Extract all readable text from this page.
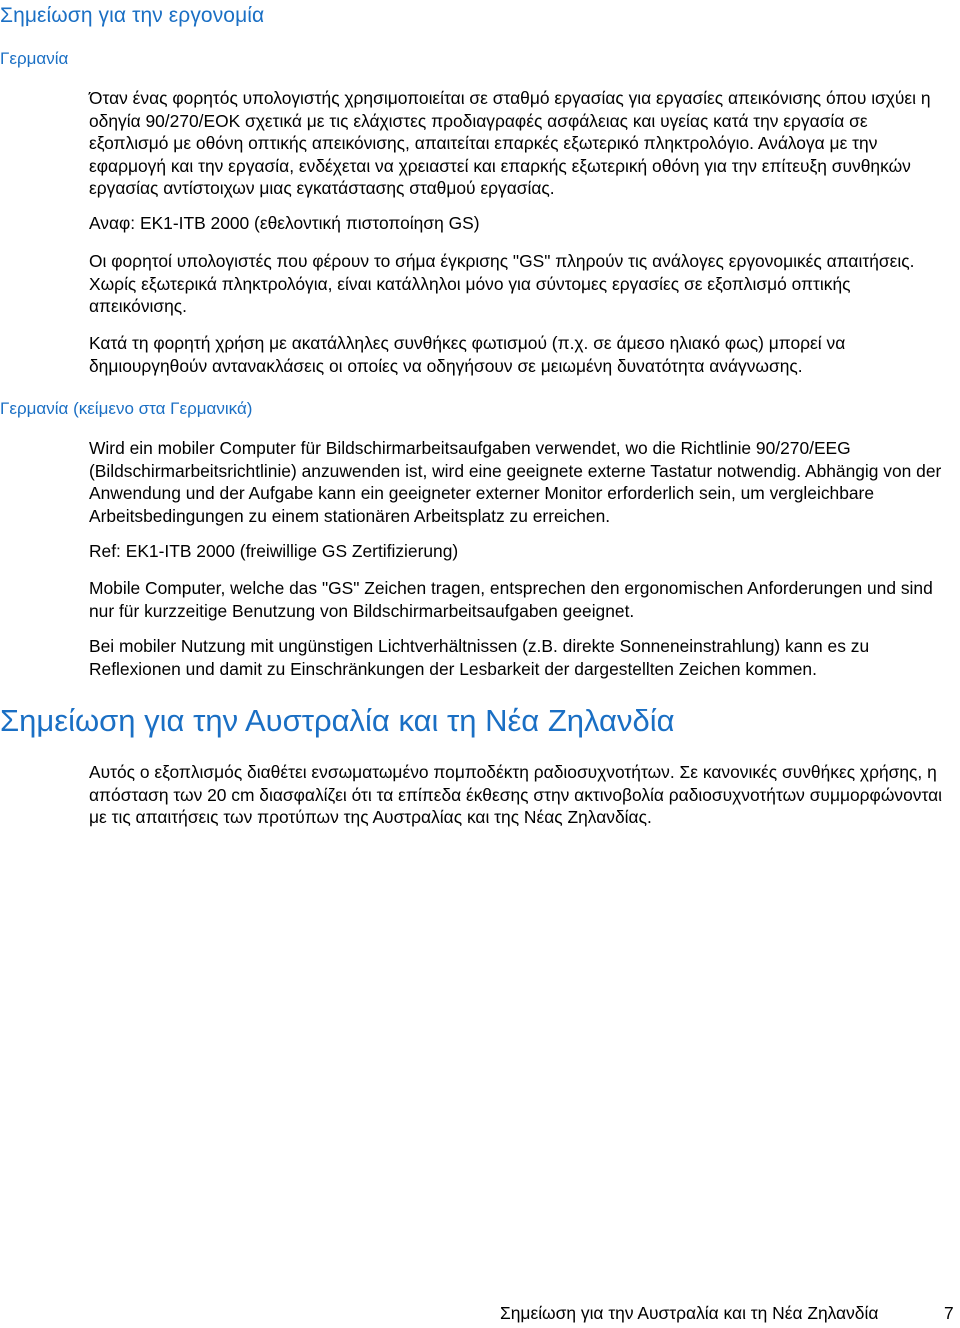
Σημείωση για την εργονομία
Γερμανία

Όταν ένας φορητός υπολογιστής χρησιμοποιείται σε σταθμό εργασίας για εργασίες απεικόνισης όπου ισχύει η οδηγία 90/270/ΕΟΚ σχετικά με τις ελάχιστες προδιαγραφές ασφάλειας και υγείας κατά την εργασία σε εξοπλισμό με οθόνη οπτικής απεικόνισης, απαιτείται επαρκές εξωτερικό πληκτρολόγιο. Ανάλογα με την εφαρμογή και την εργασία, ενδέχεται να χρειαστεί και επαρκής εξωτερική οθόνη για την επίτευξη συνθηκών εργασίας αντίστοιχων μιας εγκατάστασης σταθμού εργασίας.

Αναφ: EK1-ITB 2000 (εθελοντική πιστοποίηση GS)

Οι φορητοί υπολογιστές που φέρουν το σήμα έγκρισης "GS" πληρούν τις ανάλογες εργονομικές απαιτήσεις. Χωρίς εξωτερικά πληκτρολόγια, είναι κατάλληλοι μόνο για σύντομες εργασίες σε εξοπλισμό οπτικής απεικόνισης.

Κατά τη φορητή χρήση με ακατάλληλες συνθήκες φωτισμού (π.χ. σε άμεσο ηλιακό φως) μπορεί να δημιουργηθούν αντανακλάσεις οι οποίες να οδηγήσουν σε μειωμένη δυνατότητα ανάγνωσης.

Γερμανία (κείμενο στα Γερμανικά)

Wird ein mobiler Computer für Bildschirmarbeitsaufgaben verwendet, wo die Richtlinie 90/270/EEG (Bildschirmarbeitsrichtlinie) anzuwenden ist, wird eine geeignete externe Tastatur notwendig. Abhängig von der Anwendung und der Aufgabe kann ein geeigneter externer Monitor erforderlich sein, um vergleichbare Arbeitsbedingungen zu einem stationären Arbeitsplatz zu erreichen.

Ref: EK1-ITB 2000 (freiwillige GS Zertifizierung)

Mobile Computer, welche das "GS" Zeichen tragen, entsprechen den ergonomischen Anforderungen und sind nur für kurzzeitige Benutzung von Bildschirmarbeitsaufgaben geeignet.

Bei mobiler Nutzung mit ungünstigen Lichtverhältnissen (z.B. direkte Sonneneinstrahlung) kann es zu Reflexionen und damit zu Einschränkungen der Lesbarkeit der dargestellten Zeichen kommen.

Σημείωση για την Αυστραλία και τη Νέα Ζηλανδία

Αυτός ο εξοπλισμός διαθέτει ενσωματωμένο πομποδέκτη ραδιοσυχνοτήτων. Σε κανονικές συνθήκες χρήσης, η απόσταση των 20 cm διασφαλίζει ότι τα επίπεδα έκθεσης στην ακτινοβολία ραδιοσυχνοτήτων συμμορφώνονται με τις απαιτήσεις των προτύπων της Αυστραλίας και της Νέας Ζηλανδίας.

Σημείωση για την Αυστραλία και τη Νέα Ζηλανδία	7
